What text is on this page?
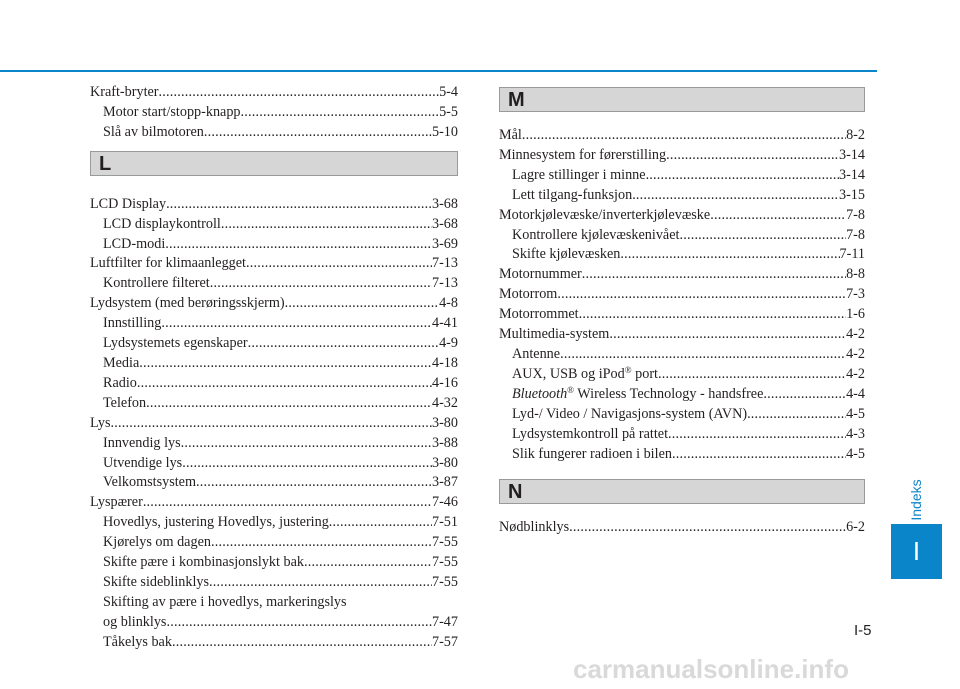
Kraft-bryter .....	5-4
Motor start/stopp-knapp .....	5-5
Slå av bilmotoren .....	5-10
L
LCD Display .....	3-68
LCD displaykontroll .....	3-68
LCD-modi .....	3-69
Luftfilter for klimaanlegget .....	7-13
Kontrollere filteret .....	7-13
Lydsystem (med berøringsskjerm) .....	4-8
Innstilling .....	4-41
Lydsystemets egenskaper .....	4-9
Media .....	4-18
Radio .....	4-16
Telefon .....	4-32
Lys .....	3-80
Innvendig lys .....	3-88
Utvendige lys .....	3-80
Velkomstsystem .....	3-87
Lyspærer .....	7-46
Hovedlys, justering Hovedlys, justering .....	7-51
Kjørelys om dagen .....	7-55
Skifte pære i kombinasjonslykt bak .....	7-55
Skifte sideblinklys .....	7-55
Skifting av pære i hovedlys, markeringslys
og blinklys .....	7-47
Tåkelys bak .....	7-57
M
Mål .....	8-2
Minnesystem for førerstilling .....	3-14
Lagre stillinger i minne .....	3-14
Lett tilgang-funksjon .....	3-15
Motorkjølevæske/inverterkjølevæske .....	7-8
Kontrollere kjølevæskenivået .....	7-8
Skifte kjølevæsken .....	7-11
Motornummer .....	8-8
Motorrom .....	7-3
Motorrommet .....	1-6
Multimedia-system .....	4-2
Antenne .....	4-2
AUX, USB og iPod® port .....	4-2
Bluetooth® Wireless Technology - handsfree .....	4-4
Lyd-/ Video / Navigasjons-system (AVN) .....	4-5
Lydsystemkontroll på rattet .....	4-3
Slik fungerer radioen i bilen .....	4-5
N
Nødblinklys .....	6-2
Indeks
I
I-5
carmanualsonline.info
